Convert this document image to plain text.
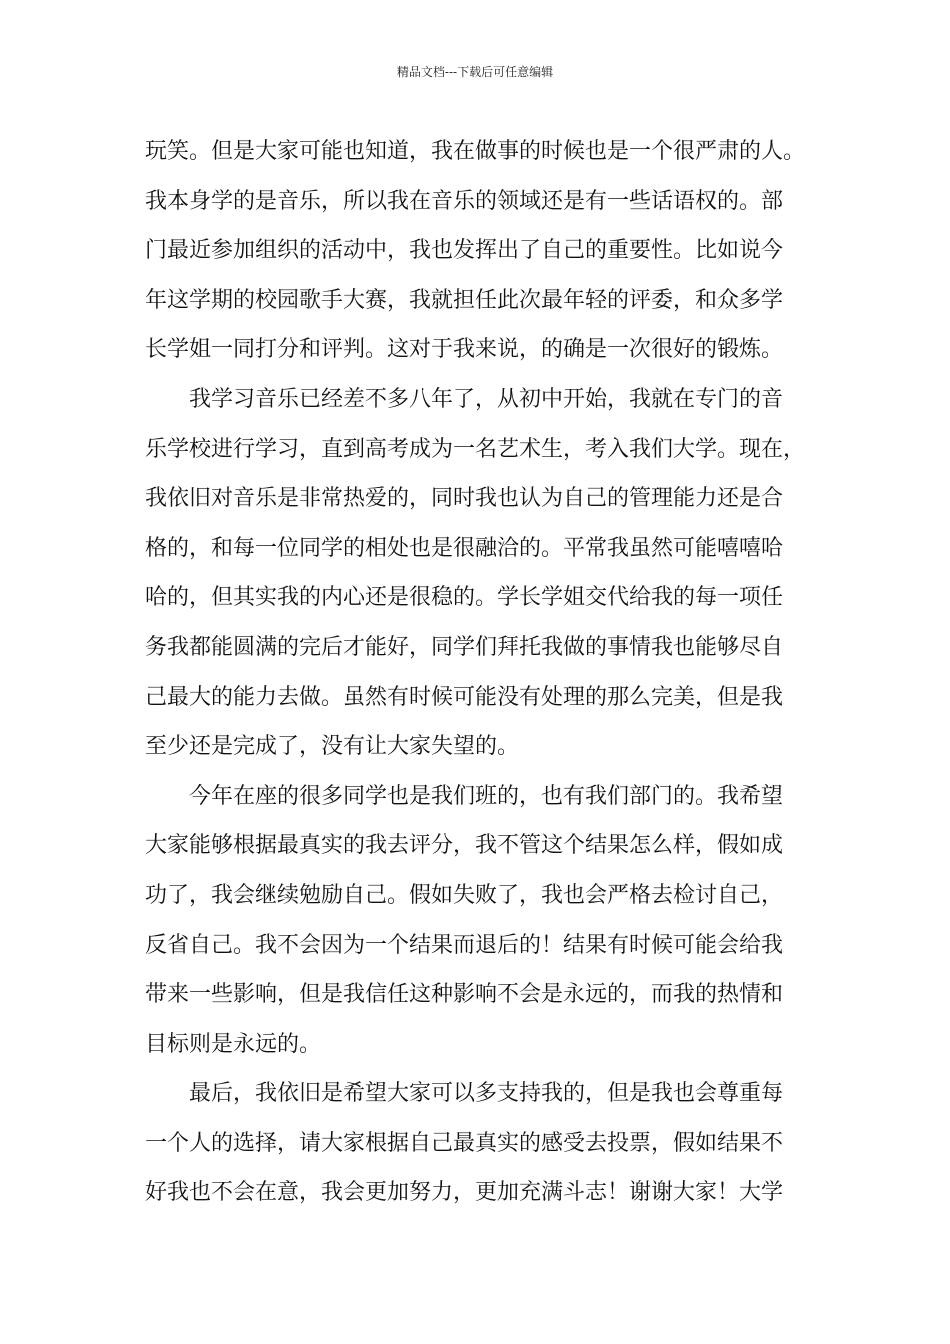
精品文档---下载后可任意编辑
玩笑。但是大家可能也知道，我在做事的时候也是一个很严肃的人。
我本身学的是音乐，所以我在音乐的领域还是有一些话语权的。部
门最近参加组织的活动中，我也发挥出了自己的重要性。比如说今
年这学期的校园歌手大赛，我就担任此次最年轻的评委，和众多学
长学姐一同打分和评判。这对于我来说，的确是一次很好的锻炼。
我学习音乐已经差不多八年了，从初中开始，我就在专门的音
乐学校进行学习，直到高考成为一名艺术生，考入我们大学。现在，
我依旧对音乐是非常热爱的，同时我也认为自己的管理能力还是合
格的，和每一位同学的相处也是很融洽的。平常我虽然可能嘻嘻哈
哈的，但其实我的内心还是很稳的。学长学姐交代给我的每一项任
务我都能圆满的完后才能好，同学们拜托我做的事情我也能够尽自
己最大的能力去做。虽然有时候可能没有处理的那么完美，但是我
至少还是完成了，没有让大家失望的。
今年在座的很多同学也是我们班的，也有我们部门的。我希望
大家能够根据最真实的我去评分，我不管这个结果怎么样，假如成
功了，我会继续勉励自己。假如失败了，我也会严格去检讨自己，
反省自己。我不会因为一个结果而退后的！结果有时候可能会给我
带来一些影响，但是我信任这种影响不会是永远的，而我的热情和
目标则是永远的。
最后，我依旧是希望大家可以多支持我的，但是我也会尊重每
一个人的选择，请大家根据自己最真实的感受去投票，假如结果不
好我也不会在意，我会更加努力，更加充满斗志！谢谢大家！大学
